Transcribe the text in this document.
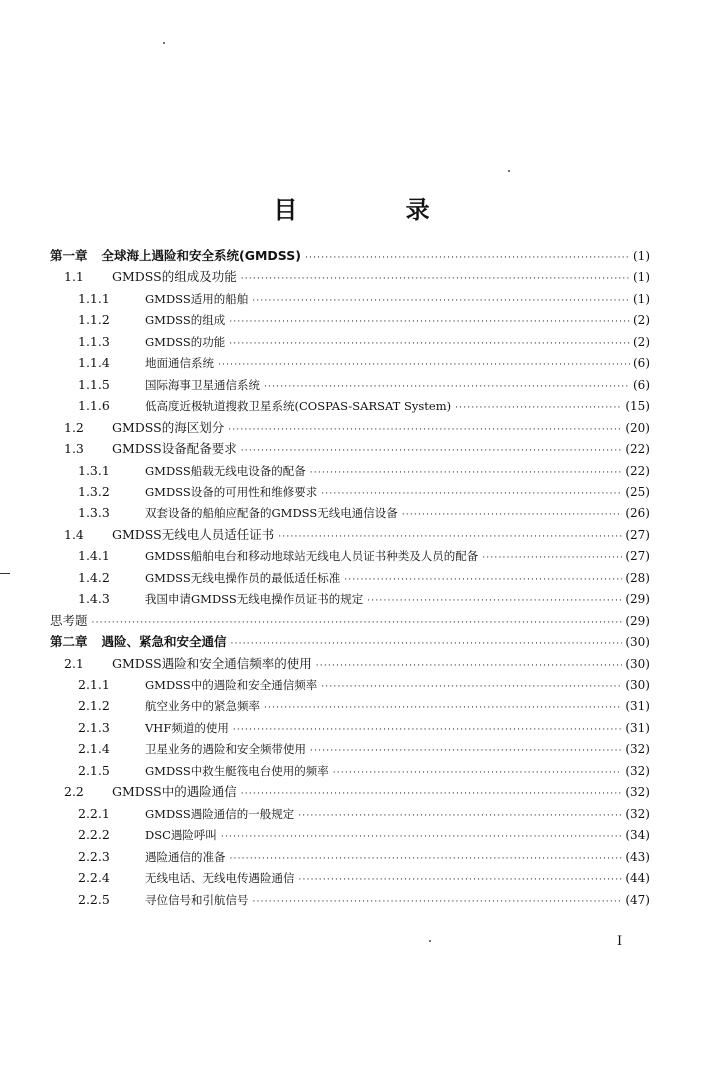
目 录
第一章 全球海上遇险和安全系统(GMDSS) ·····	(1)
1.1	GMDSS的组成及功能 ·····	(1)
1.1.1	GMDSS适用的船舶 ·····	(1)
1.1.2	GMDSS的组成 ·····	(2)
1.1.3	GMDSS的功能 ·····	(2)
1.1.4	地面通信系统 ·····	(6)
1.1.5	国际海事卫星通信系统 ·····	(6)
1.1.6	低高度近极轨道搜救卫星系统(COSPAS-SARSAT System) ·····	(15)
1.2	GMDSS的海区划分 ·····	(20)
1.3	GMDSS设备配备要求 ·····	(22)
1.3.1	GMDSS船载无线电设备的配备 ·····	(22)
1.3.2	GMDSS设备的可用性和维修要求 ·····	(25)
1.3.3	双套设备的船舶应配备的GMDSS无线电通信设备 ·····	(26)
1.4	GMDSS无线电人员适任证书 ·····	(27)
1.4.1	GMDSS船舶电台和移动地球站无线电人员证书种类及人员的配备 ·····	(27)
1.4.2	GMDSS无线电操作员的最低适任标准 ·····	(28)
1.4.3	我国申请GMDSS无线电操作员证书的规定 ·····	(29)
思考题 ·····	(29)
第二章 遇险、紧急和安全通信 ·····	(30)
2.1	GMDSS遇险和安全通信频率的使用 ·····	(30)
2.1.1	GMDSS中的遇险和安全通信频率 ·····	(30)
2.1.2	航空业务中的紧急频率 ·····	(31)
2.1.3	VHF频道的使用 ·····	(31)
2.1.4	卫星业务的遇险和安全频带使用 ·····	(32)
2.1.5	GMDSS中救生艇筏电台使用的频率 ·····	(32)
2.2	GMDSS中的遇险通信 ·····	(32)
2.2.1	GMDSS遇险通信的一般规定 ·····	(32)
2.2.2	DSC遇险呼叫 ·····	(34)
2.2.3	遇险通信的准备 ·····	(43)
2.2.4	无线电话、无线电传遇险通信 ·····	(44)
2.2.5	寻位信号和引航信号 ·····	(47)
I
